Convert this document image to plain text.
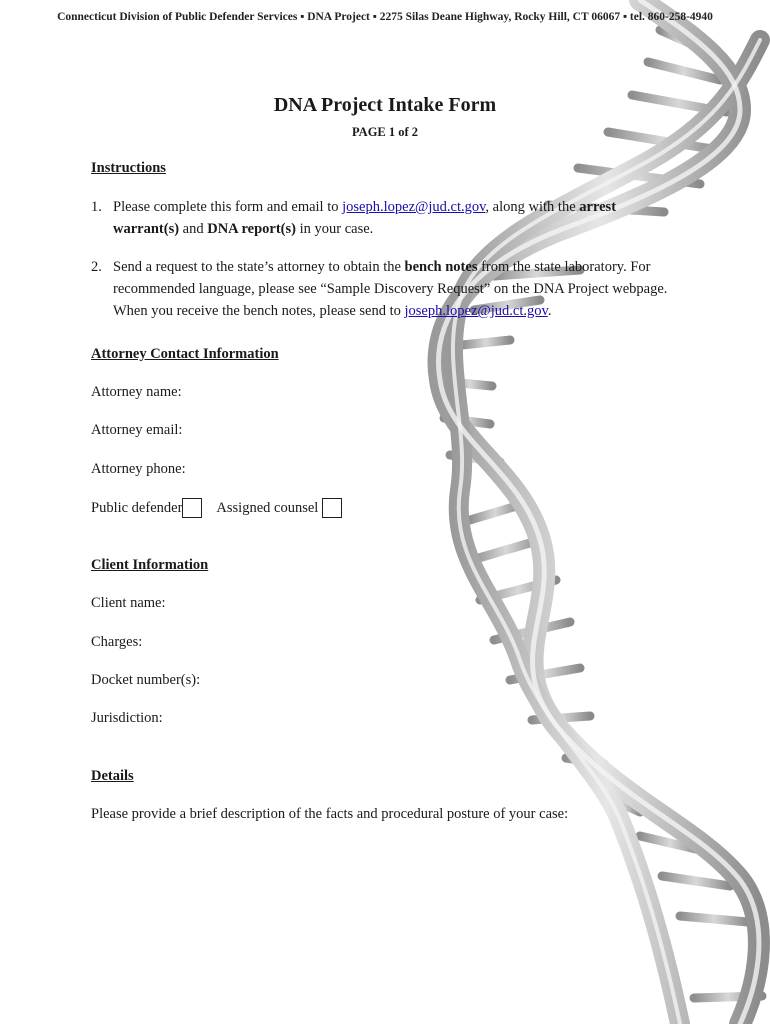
Connecticut Division of Public Defender Services ▪ DNA Project ▪ 2275 Silas Deane Highway, Rocky Hill, CT 06067 ▪ tel. 860-258-4940
DNA Project Intake Form
PAGE 1 of 2
Instructions
1. Please complete this form and email to joseph.lopez@jud.ct.gov, along with the arrest warrant(s) and DNA report(s) in your case.
2. Send a request to the state’s attorney to obtain the bench notes from the state laboratory. For recommended language, please see “Sample Discovery Request” on the DNA Project webpage. When you receive the bench notes, please send to joseph.lopez@jud.ct.gov.
Attorney Contact Information
Attorney name:
Attorney email:
Attorney phone:
Public defender Assigned counsel
Client Information
Client name:
Charges:
Docket number(s):
Jurisdiction:
Details
Please provide a brief description of the facts and procedural posture of your case:
